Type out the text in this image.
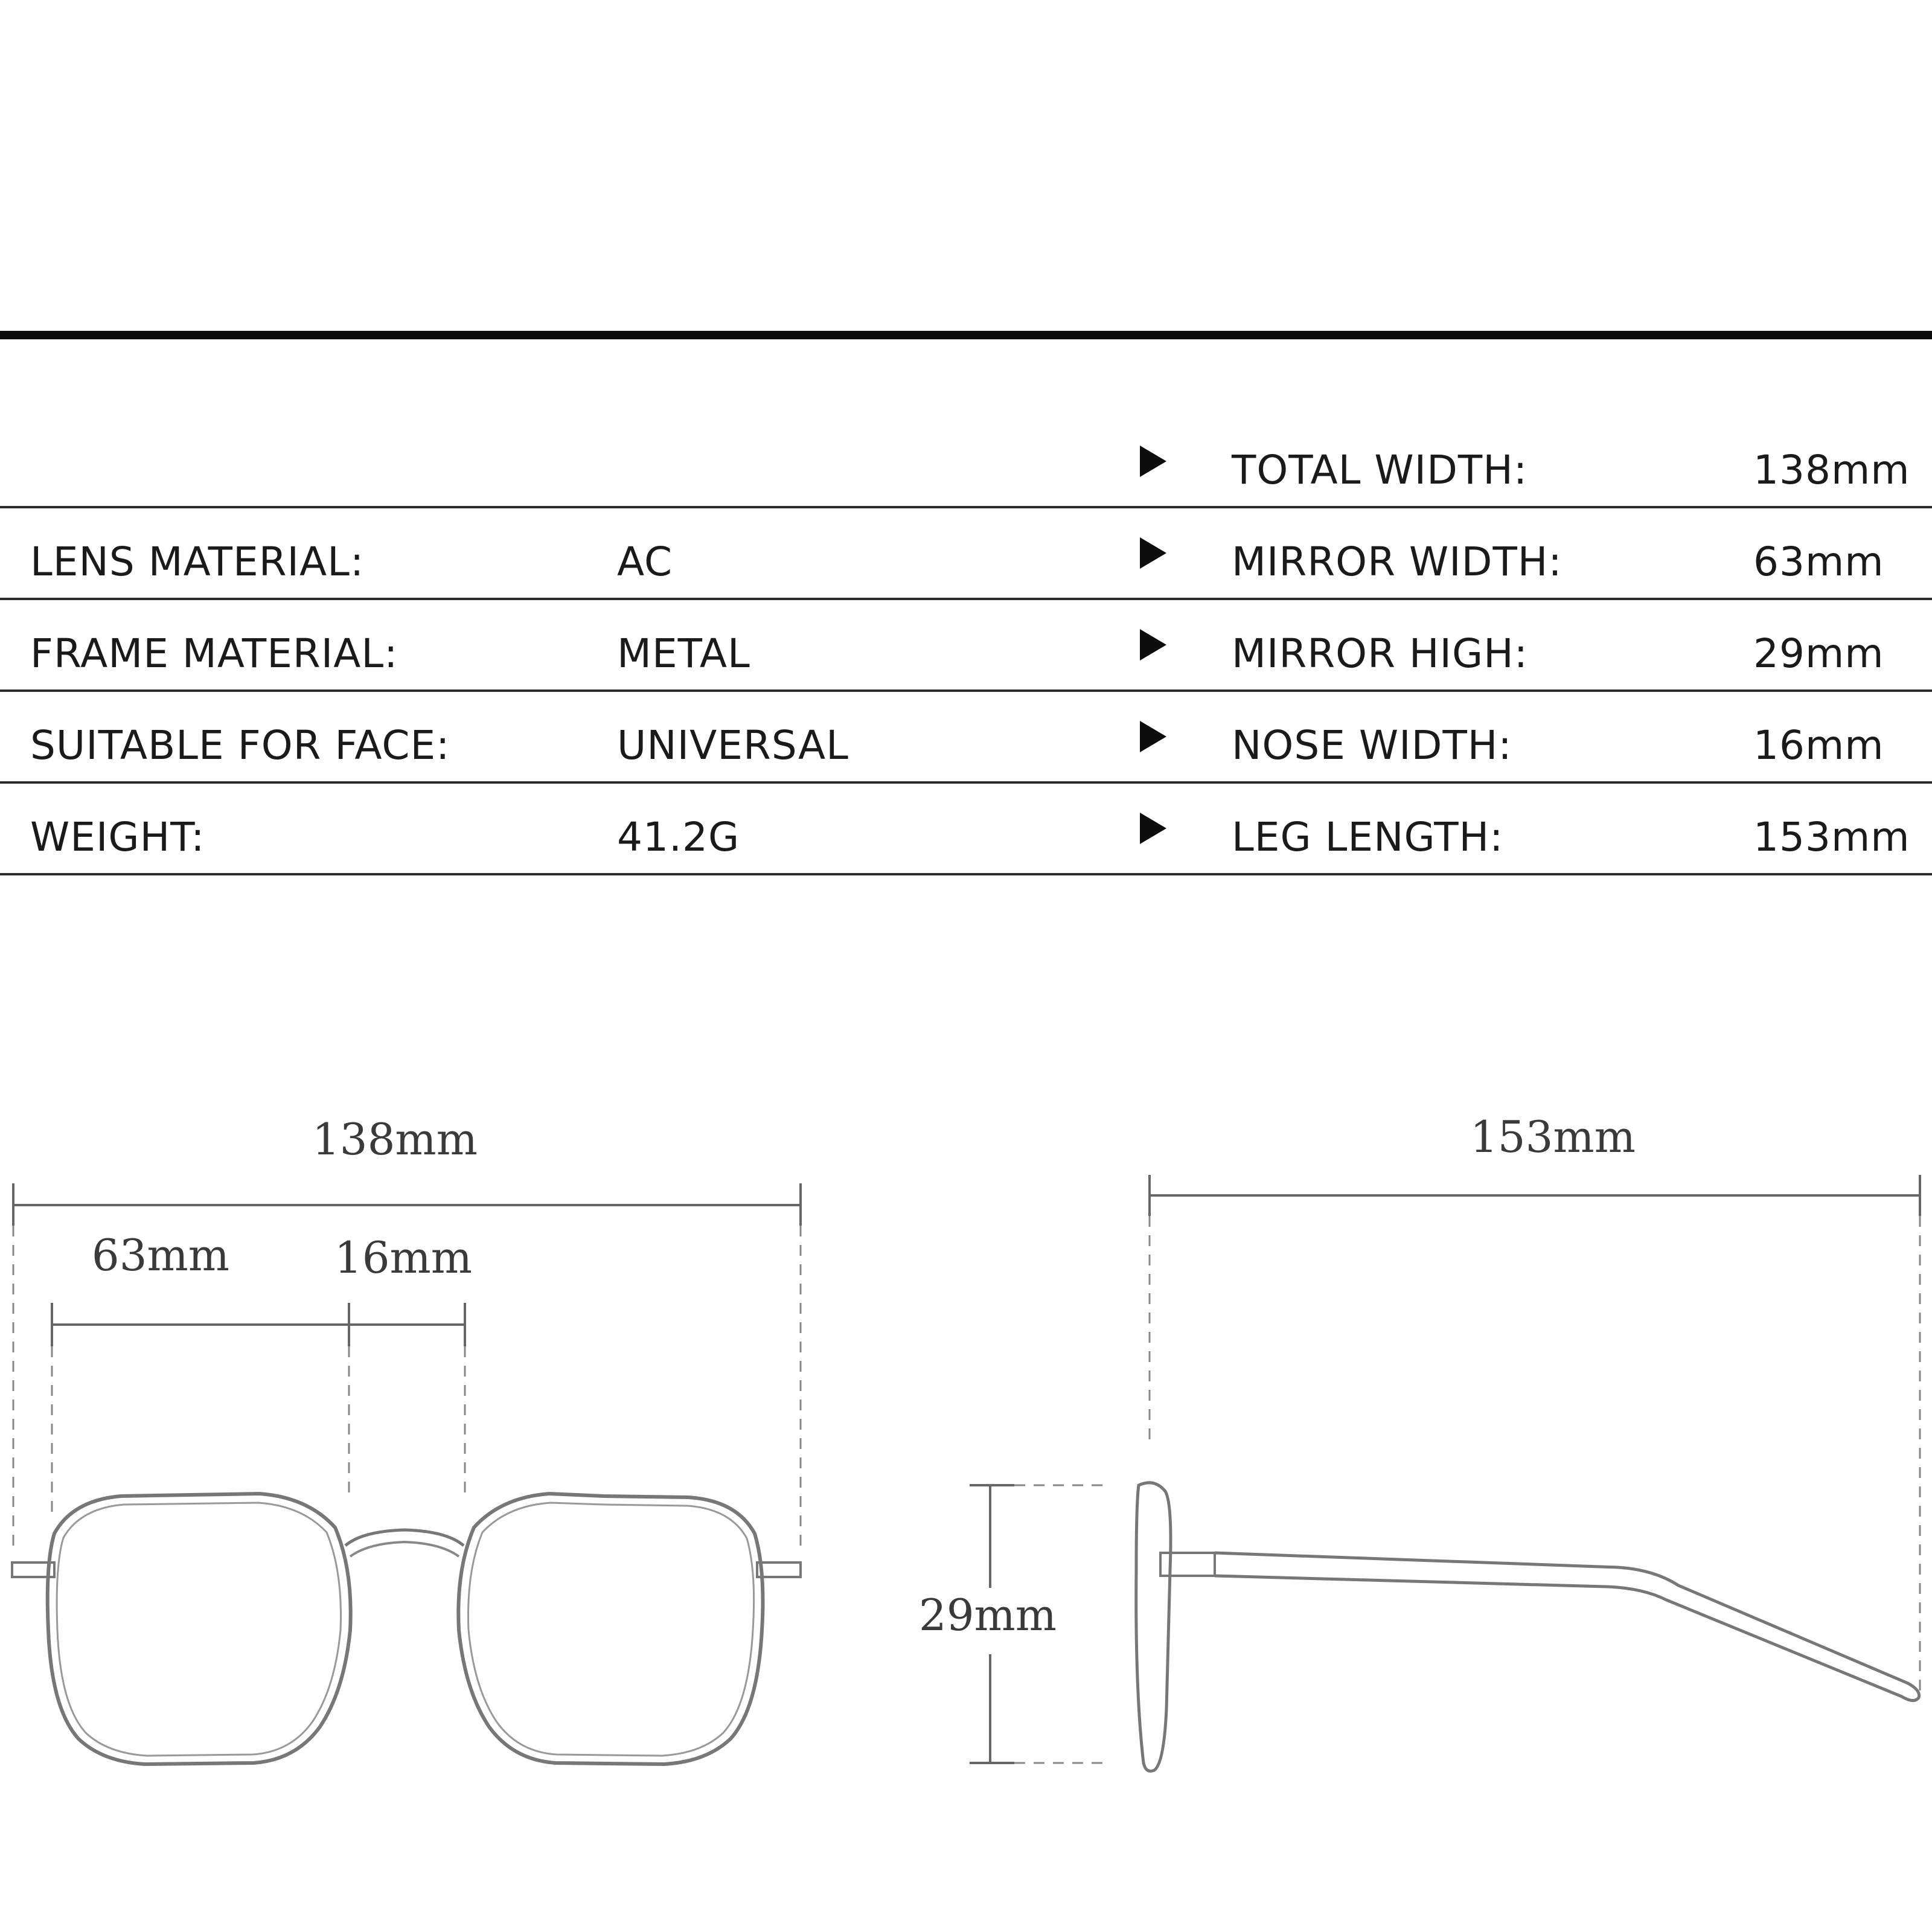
TOTAL WIDTH:	138mm
LENS MATERIAL:	AC	MIRROR WIDTH:	63mm
FRAME MATERIAL:	METAL	MIRROR HIGH:	29mm
SUITABLE FOR FACE:	UNIVERSAL	NOSE WIDTH:	16mm
WEIGHT:	41.2G	LEG LENGTH:	153mm
138mm
63mm 16mm
153mm
29mm
